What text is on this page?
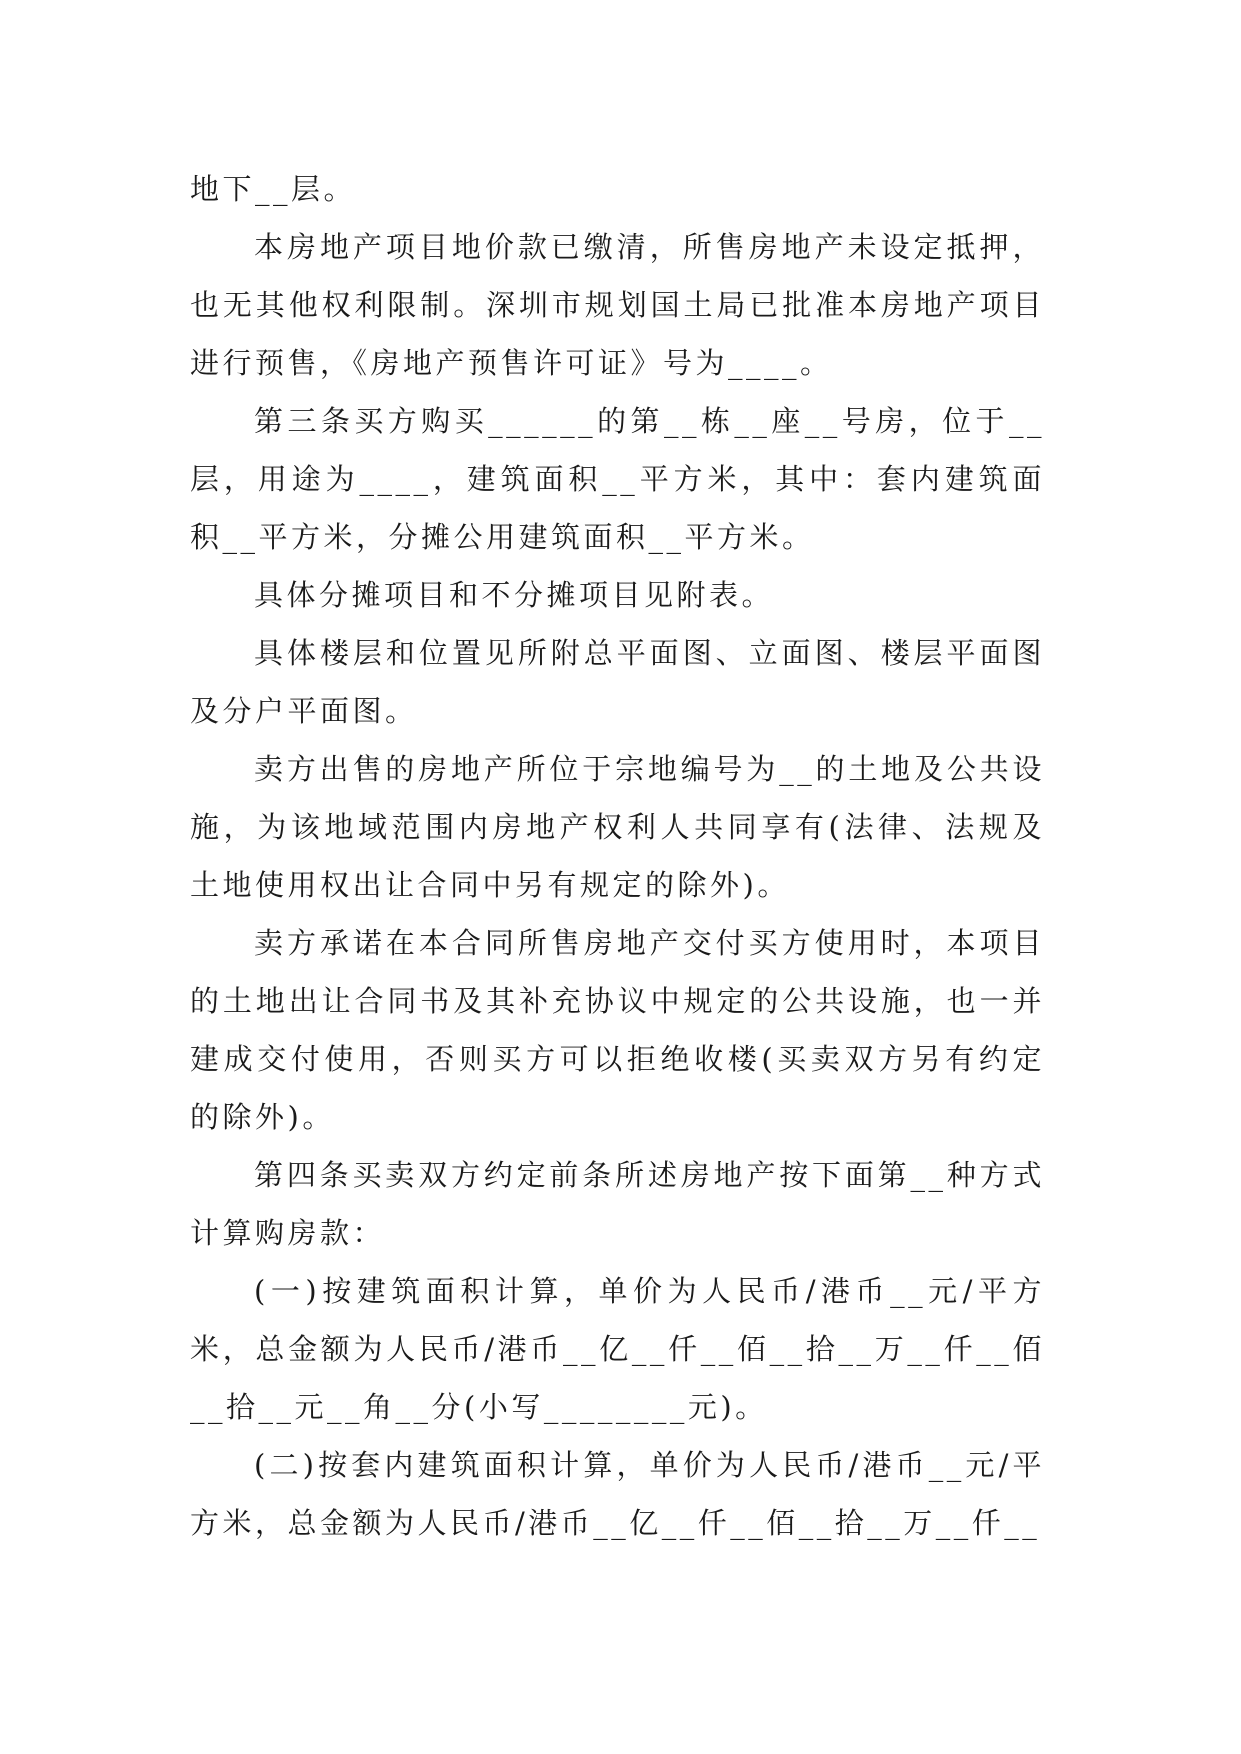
地下__层。

本房地产项目地价款已缴清，所售房地产未设定抵押，也无其他权利限制。深圳市规划国土局已批准本房地产项目进行预售，《房地产预售许可证》号为____。

第三条买方购买______的第__栋__座__号房，位于__层，用途为____，建筑面积__平方米，其中：套内建筑面积__平方米，分摊公用建筑面积__平方米。

具体分摊项目和不分摊项目见附表。

具体楼层和位置见所附总平面图、立面图、楼层平面图及分户平面图。

卖方出售的房地产所位于宗地编号为__的土地及公共设施，为该地域范围内房地产权利人共同享有(法律、法规及土地使用权出让合同中另有规定的除外)。

卖方承诺在本合同所售房地产交付买方使用时，本项目的土地出让合同书及其补充协议中规定的公共设施，也一并建成交付使用，否则买方可以拒绝收楼(买卖双方另有约定的除外)。

第四条买卖双方约定前条所述房地产按下面第__种方式计算购房款：

(一)按建筑面积计算，单价为人民币/港币__元/平方米，总金额为人民币/港币__亿__仟__佰__拾__万__仟__佰__拾__元__角__分(小写________元)。

(二)按套内建筑面积计算，单价为人民币/港币__元/平方米，总金额为人民币/港币__亿__仟__佰__拾__万__仟__
